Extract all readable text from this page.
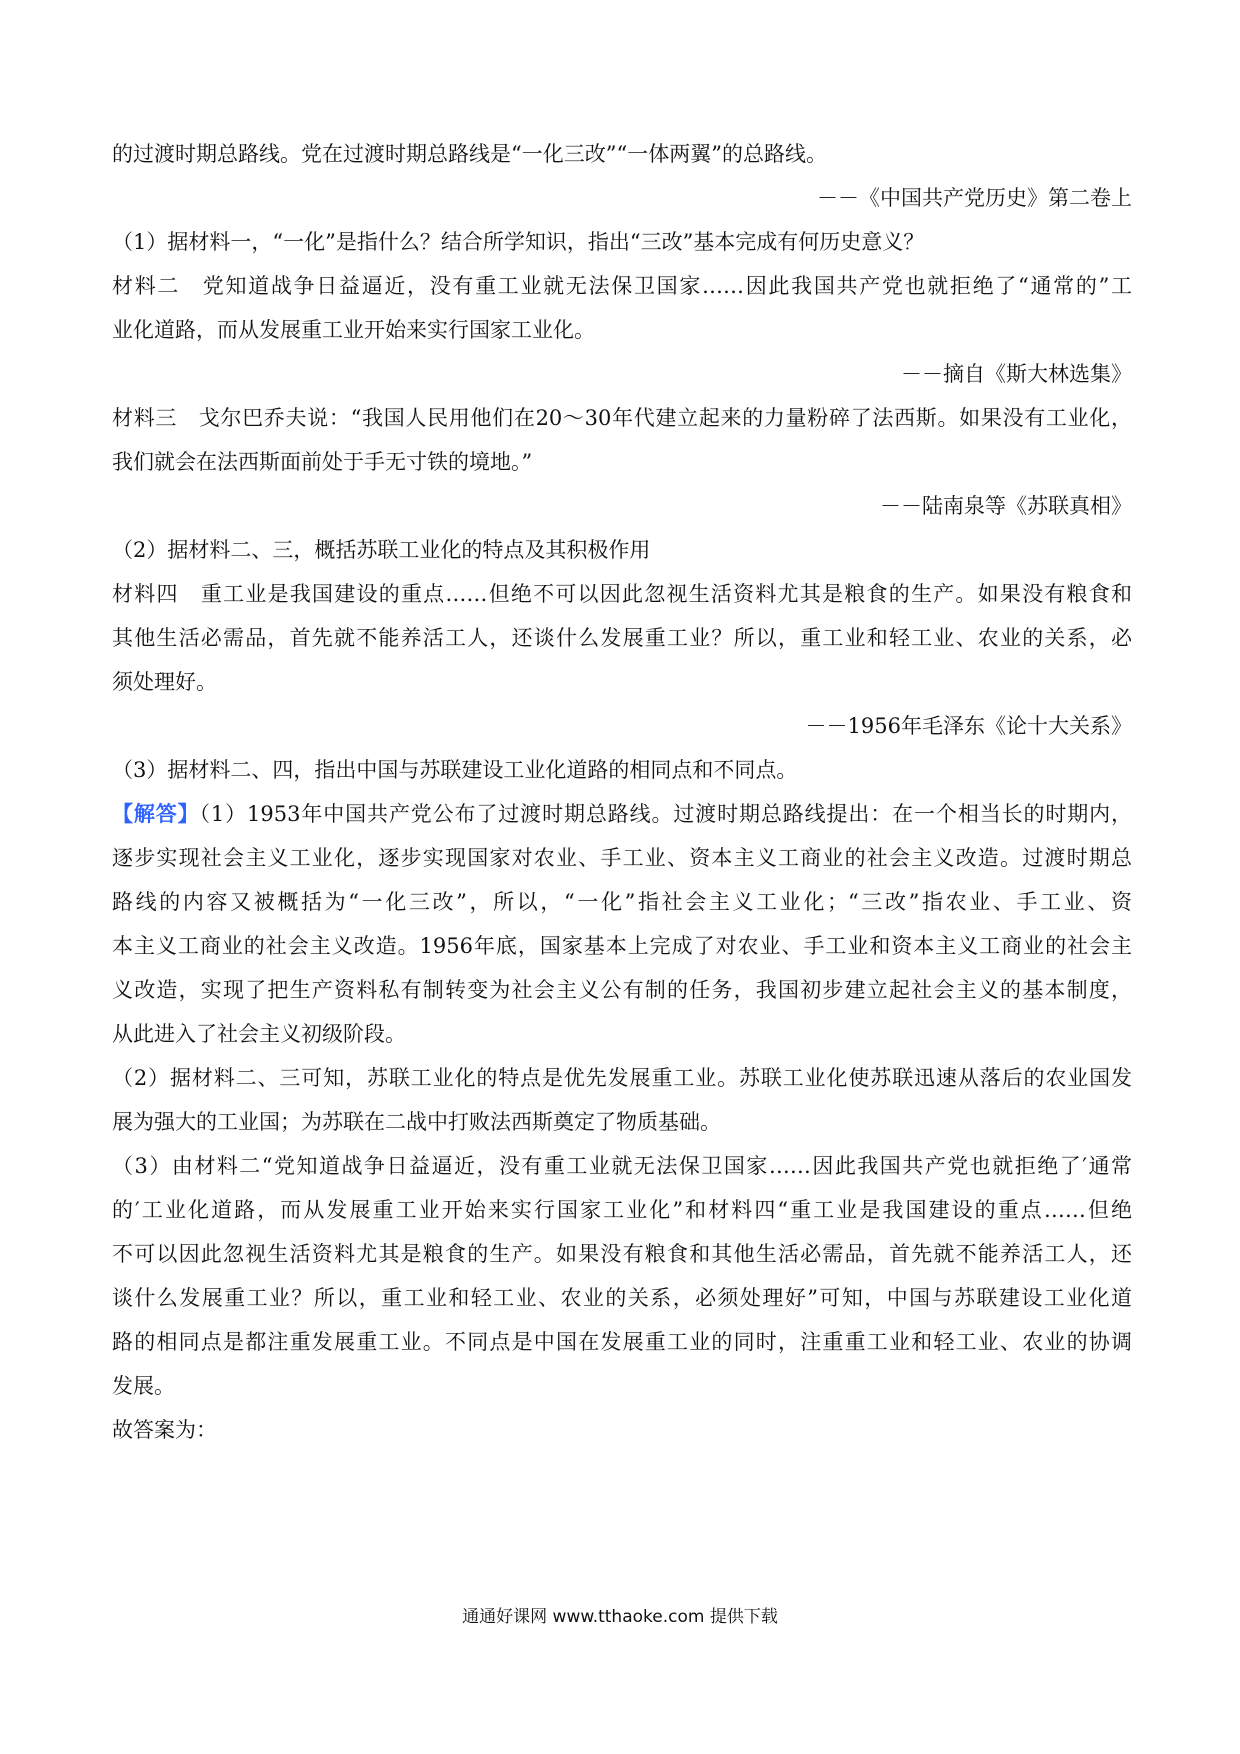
的过渡时期总路线。党在过渡时期总路线是“一化三改”“一体两翼”的总路线。
－－《中国共产党历史》第二卷上
（1）据材料一，“一化”是指什么？结合所学知识，指出“三改”基本完成有何历史意义？
材料二　党知道战争日益逼近，没有重工业就无法保卫国家……因此我国共产党也就拒绝了“通常的”工
业化道路，而从发展重工业开始来实行国家工业化。
－－摘自《斯大林选集》
材料三　戈尔巴乔夫说：“我国人民用他们在20～30年代建立起来的力量粉碎了法西斯。如果没有工业化，
我们就会在法西斯面前处于手无寸铁的境地。”
－－陆南泉等《苏联真相》
（2）据材料二、三，概括苏联工业化的特点及其积极作用
材料四　重工业是我国建设的重点……但绝不可以因此忽视生活资料尤其是粮食的生产。如果没有粮食和
其他生活必需品，首先就不能养活工人，还谈什么发展重工业？所以，重工业和轻工业、农业的关系，必
须处理好。
－－1956年毛泽东《论十大关系》
（3）据材料二、四，指出中国与苏联建设工业化道路的相同点和不同点。
【解答】（1）1953年中国共产党公布了过渡时期总路线。过渡时期总路线提出：在一个相当长的时期内，
逐步实现社会主义工业化，逐步实现国家对农业、手工业、资本主义工商业的社会主义改造。过渡时期总
路线的内容又被概括为“一化三改”，所以，“一化”指社会主义工业化；“三改”指农业、手工业、资
本主义工商业的社会主义改造。1956年底，国家基本上完成了对农业、手工业和资本主义工商业的社会主
义改造，实现了把生产资料私有制转变为社会主义公有制的任务，我国初步建立起社会主义的基本制度，
从此进入了社会主义初级阶段。
（2）据材料二、三可知，苏联工业化的特点是优先发展重工业。苏联工业化使苏联迅速从落后的农业国发
展为强大的工业国；为苏联在二战中打败法西斯奠定了物质基础。
（3）由材料二“党知道战争日益逼近，没有重工业就无法保卫国家……因此我国共产党也就拒绝了′通常
的′工业化道路，而从发展重工业开始来实行国家工业化”和材料四“重工业是我国建设的重点……但绝
不可以因此忽视生活资料尤其是粮食的生产。如果没有粮食和其他生活必需品，首先就不能养活工人，还
谈什么发展重工业？所以，重工业和轻工业、农业的关系，必须处理好”可知，中国与苏联建设工业化道
路的相同点是都注重发展重工业。不同点是中国在发展重工业的同时，注重重工业和轻工业、农业的协调
发展。
故答案为：
通通好课网 www.tthaoke.com 提供下载
